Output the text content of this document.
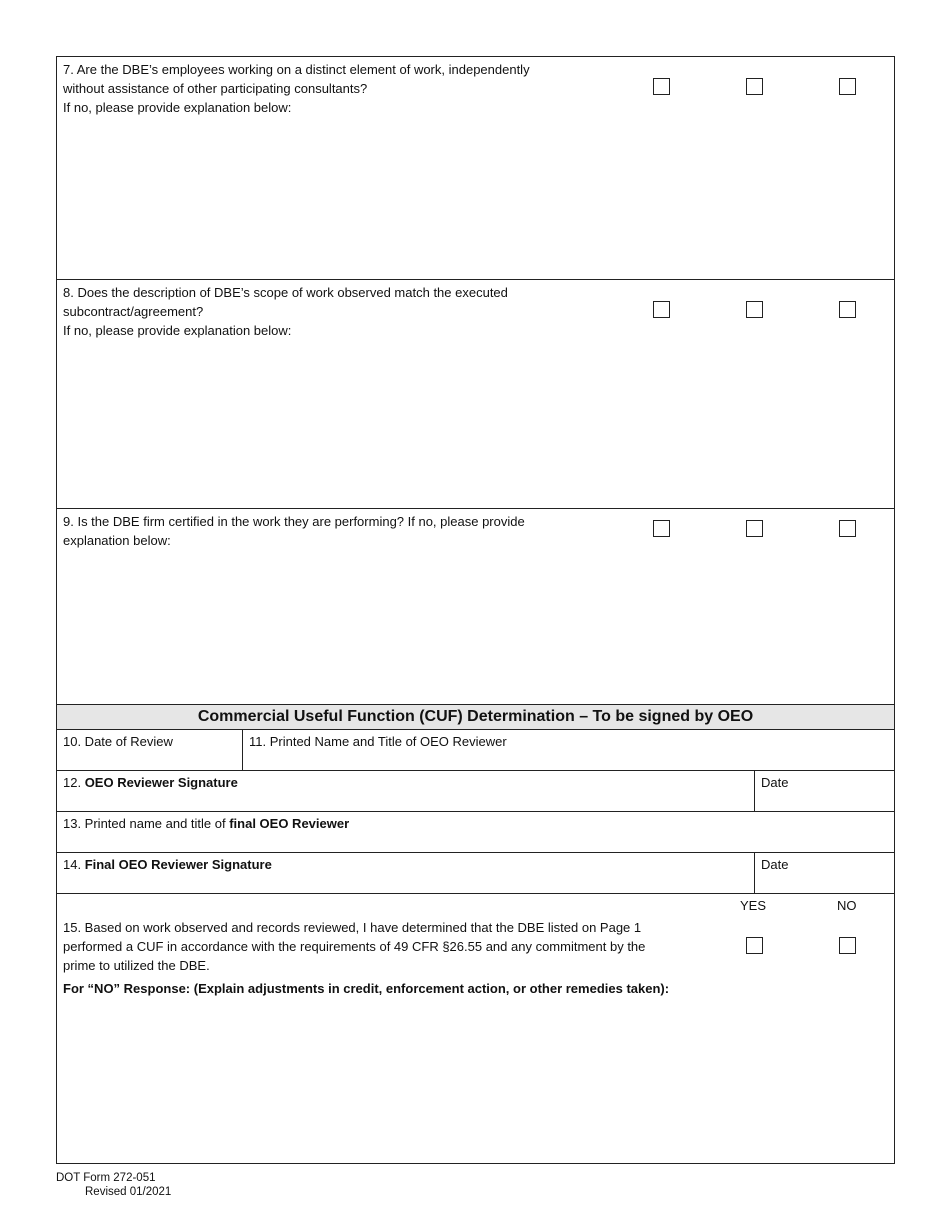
7. Are the DBE’s employees working on a distinct element of work, independently
without assistance of other participating consultants?
If no, please provide explanation below:
8. Does the description of DBE’s scope of work observed match the executed
subcontract/agreement?
If no, please provide explanation below:
9. Is the DBE firm certified in the work they are performing? If no, please provide
explanation below:
Commercial Useful Function (CUF) Determination – To be signed by OEO
10. Date of Review	11. Printed Name and Title of OEO Reviewer
12. OEO Reviewer Signature	Date
13. Printed name and title of final OEO Reviewer
14. Final OEO Reviewer Signature	Date
YES	NO
15. Based on work observed and records reviewed, I have determined that the DBE listed on Page 1
performed a CUF in accordance with the requirements of 49 CFR §26.55 and any commitment by the
prime to utilized the DBE.
For “NO” Response: (Explain adjustments in credit, enforcement action, or other remedies taken):
DOT Form 272-051
Revised 01/2021
